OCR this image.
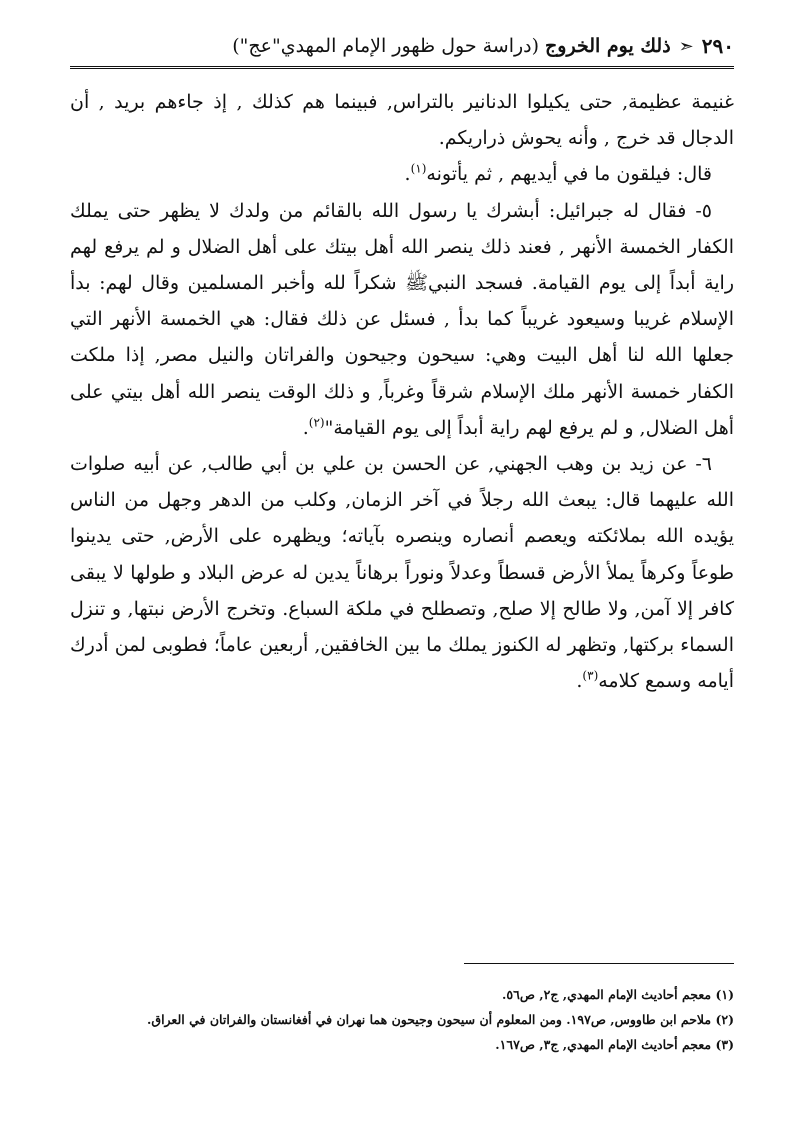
٢٩٠
➣
ذلك يوم الخروج
(دراسة حول ظهور الإمام المهدي"عج")

غنيمة عظيمة, حتى يكيلوا الدنانير بالتراس, فبينما هم كذلك , إذ جاءهم بريد , أن الدجال قد خرج , وأنه يحوش ذراريكم.

قال: فيلقون ما في أيديهم , ثم يأتونه$^{(١)}$.

٥- فقال له جبرائيل: أبشرك يا رسول الله بالقائم من ولدك لا يظهر حتى يملك الكفار الخمسة الأنهر , فعند ذلك ينصر الله أهل بيتك على أهل الضلال و لم يرفع لهم راية أبداً إلى يوم القيامة. فسجد النبيﷺ شكراً لله وأخبر المسلمين وقال لهم: بدأ الإسلام غريبا وسيعود غريباً كما بدأ , فسئل عن ذلك فقال: هي الخمسة الأنهر التي جعلها الله لنا أهل البيت وهي: سيحون وجيحون والفراتان والنيل مصر, إذا ملكت الكفار خمسة الأنهر ملك الإسلام شرقاً وغرباً, و ذلك الوقت ينصر الله أهل بيتي على أهل الضلال, و لم يرفع لهم راية أبداً إلى يوم القيامة"$^{(٢)}$.

٦- عن زيد بن وهب الجهني, عن الحسن بن علي بن أبي طالب, عن أبيه صلوات الله عليهما قال: يبعث الله رجلاً في آخر الزمان, وكلب من الدهر وجهل من الناس يؤيده الله بملائكته ويعصم أنصاره وينصره بآياته؛ ويظهره على الأرض, حتى يدينوا طوعاً وكرهاً يملأ الأرض قسطاً وعدلاً ونوراً برهاناً يدين له عرض البلاد و طولها لا يبقى كافر إلا آمن, ولا طالح إلا صلح, وتصطلح في ملكة السباع. وتخرج الأرض نبتها, و تنزل السماء بركتها, وتظهر له الكنوز يملك ما بين الخافقين, أربعين عاماً؛ فطوبى لمن أدرك أيامه وسمع كلامه$^{(٣)}$.

(١) معجم أحاديث الإمام المهدي, ج٢, ص٥٦.

(٢) ملاحم ابن طاووس, ص١٩٧. ومن المعلوم أن سيحون وجيحون هما نهران في أفغانستان والفراتان في العراق.

(٣) معجم أحاديث الإمام المهدي, ج٣, ص١٦٧.
